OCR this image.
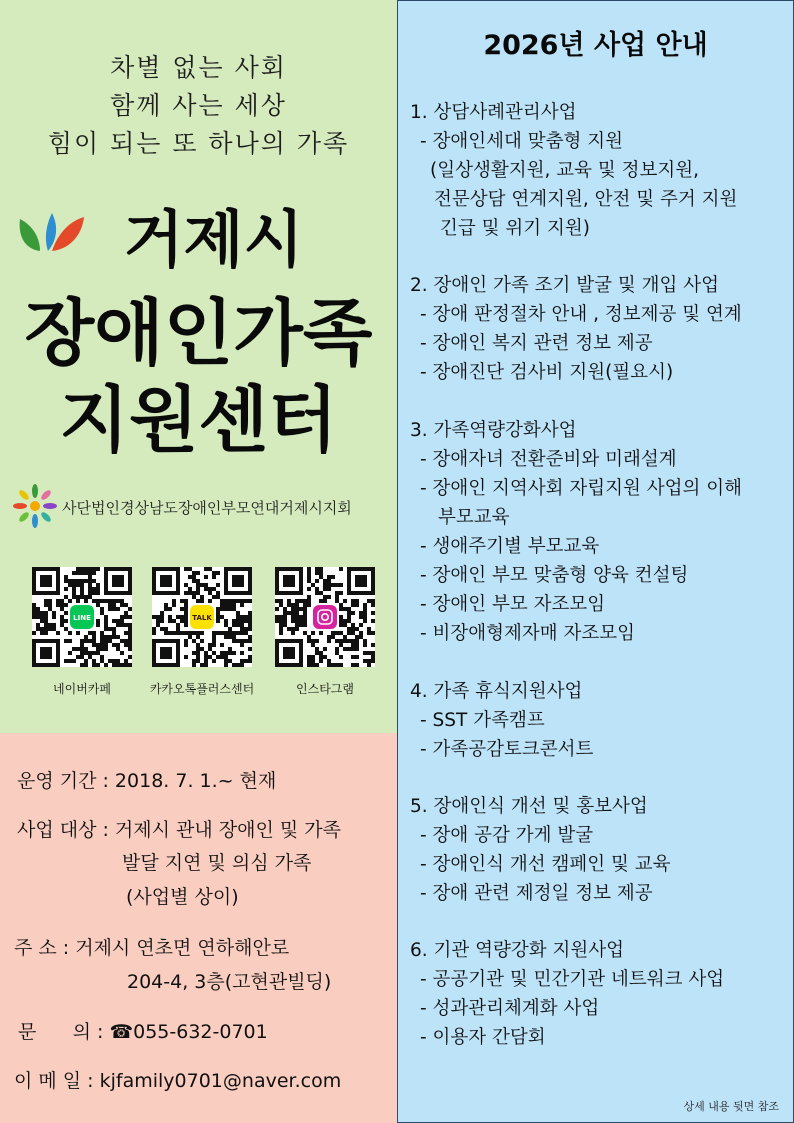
차별 없는 사회
함께 사는 세상
힘이 되는 또 하나의 가족
거제시
장애인가족
지원센터
사단법인경상남도장애인부모연대거제시지회
LINE	TALK
네이버카페	카카오톡플러스센터	인스타그램
운영 기간 : 2018. 7. 1.~ 현재
사업 대상 : 거제시 관내 장애인 및 가족
발달 지연 및 의심 가족
(사업별 상이)
주 소 : 거제시 연초면 연하해안로
204-4, 3층(고현관빌딩)
문      의 : ☎055-632-0701
이 메 일 : kjfamily0701@naver.com
2026년 사업 안내
1. 상담사례관리사업
- 장애인세대 맞춤형 지원
(일상생활지원, 교육 및 정보지원,
전문상담 연계지원, 안전 및 주거 지원
긴급 및 위기 지원)
2. 장애인 가족 조기 발굴 및 개입 사업
- 장애 판정절차 안내 , 정보제공 및 연계
- 장애인 복지 관련 정보 제공
- 장애진단 검사비 지원(필요시)
3. 가족역량강화사업
- 장애자녀 전환준비와 미래설계
- 장애인 지역사회 자립지원 사업의 이해
부모교육
- 생애주기별 부모교육
- 장애인 부모 맞춤형 양육 컨설팅
- 장애인 부모 자조모임
- 비장애형제자매 자조모임
4. 가족 휴식지원사업
- SST 가족캠프
- 가족공감토크콘서트
5. 장애인식 개선 및 홍보사업
- 장애 공감 가게 발굴
- 장애인식 개선 캠페인 및 교육
- 장애 관련 제정일 정보 제공
6. 기관 역량강화 지원사업
- 공공기관 및 민간기관 네트워크 사업
- 성과관리체계화 사업
- 이용자 간담회
상세 내용 뒷면 참조
